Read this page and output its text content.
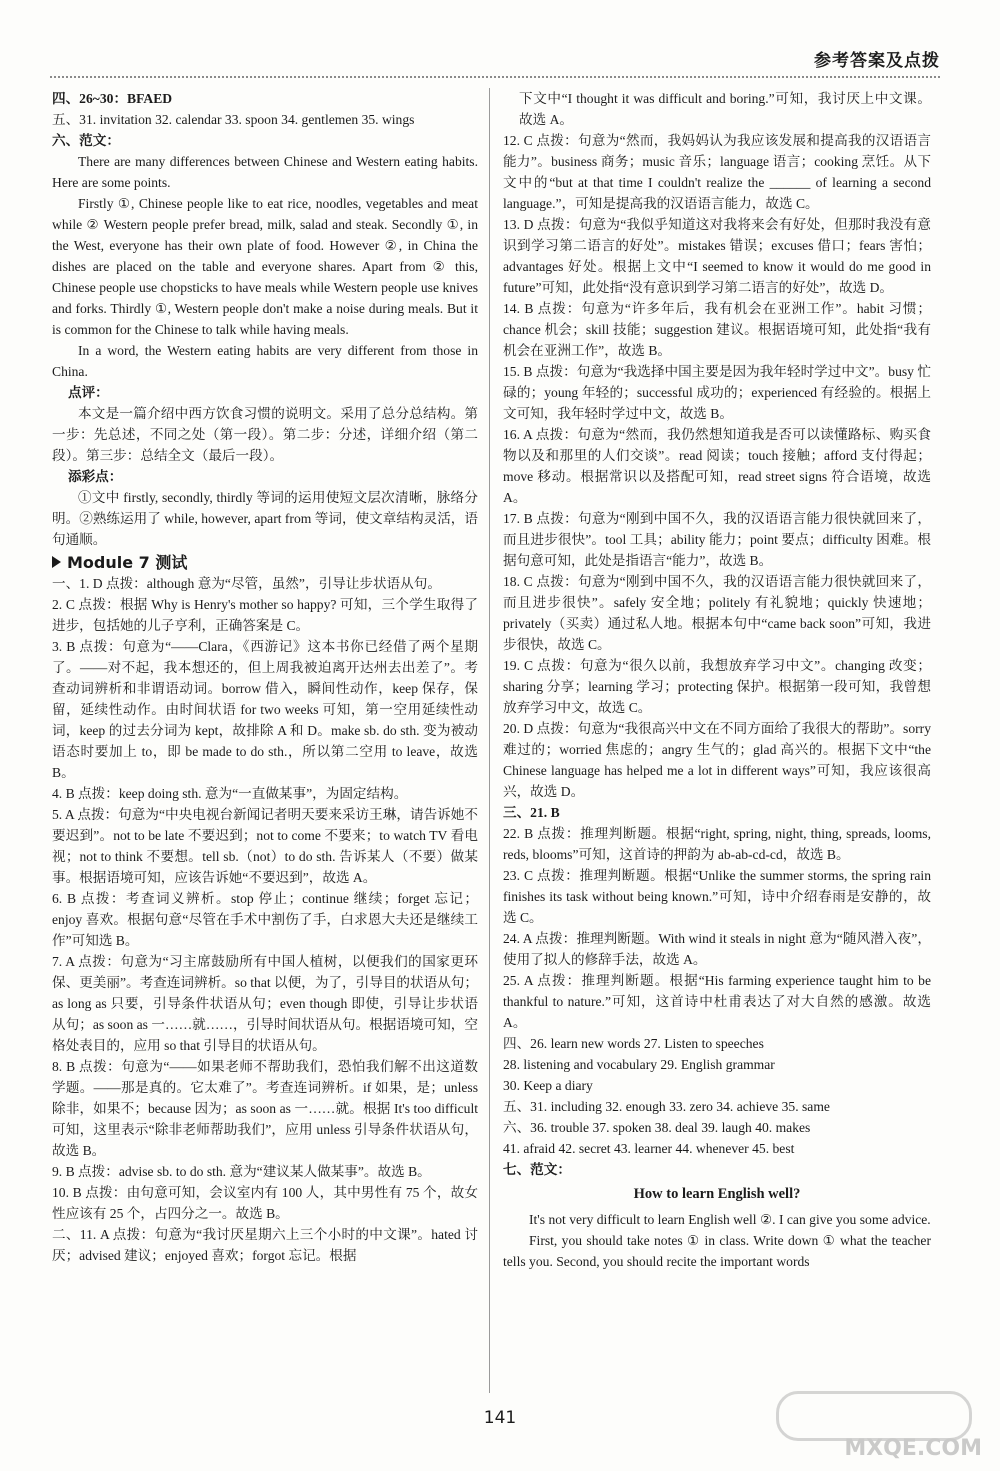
参考答案及点拨

四、26~30：BFAED

五、31. invitation 32. calendar 33. spoon 34. gentlemen 35. wings

六、范文：

There are many differences between Chinese and Western eating habits. Here are some points.

Firstly ①, Chinese people like to eat rice, noodles, vegetables and meat while ② Western people prefer bread, milk, salad and steak. Secondly ①, in the West, everyone has their own plate of food. However ②, in China the dishes are placed on the table and everyone shares. Apart from ② this, Chinese people use chopsticks to have meals while Western people use knives and forks. Thirdly ①, Western people don't make a noise during meals. But it is common for the Chinese to talk while having meals.

In a word, the Western eating habits are very different from those in China.

点评：

本文是一篇介绍中西方饮食习惯的说明文。采用了总分总结构。第一步：先总述，不同之处（第一段）。第二步：分述，详细介绍（第二段）。第三步：总结全文（最后一段）。

添彩点：

①文中 firstly, secondly, thirdly 等词的运用使短文层次清晰，脉络分明。②熟练运用了 while, however, apart from 等词，使文章结构灵活，语句通顺。

Module 7 测试

一、1. D 点拨：although 意为“尽管，虽然”，引导让步状语从句。

2. C 点拨：根据 Why is Henry's mother so happy? 可知，三个学生取得了进步，包括她的儿子亨利，正确答案是 C。

3. B 点拨：句意为“——Clara，《西游记》这本书你已经借了两个星期了。——对不起，我本想还的，但上周我被迫离开达州去出差了”。考查动词辨析和非谓语动词。borrow 借入，瞬间性动作，keep 保存，保留，延续性动作。由时间状语 for two weeks 可知，第一空用延续性动词，keep 的过去分词为 kept，故排除 A 和 D。make sb. do sth. 变为被动语态时要加上 to，即 be made to do sth.，所以第二空用 to leave，故选 B。

4. B 点拨：keep doing sth. 意为“一直做某事”，为固定结构。

5. A 点拨：句意为“中央电视台新闻记者明天要来采访王琳，请告诉她不要迟到”。not to be late 不要迟到；not to come 不要来；to watch TV 看电视；not to think 不要想。tell sb.（not）to do sth. 告诉某人（不要）做某事。根据语境可知，应该告诉她“不要迟到”，故选 A。

6. B 点拨：考查词义辨析。stop 停止；continue 继续；forget 忘记；enjoy 喜欢。根据句意“尽管在手术中割伤了手，白求恩大夫还是继续工作”可知选 B。

7. A 点拨：句意为“习主席鼓励所有中国人植树，以便我们的国家更环保、更美丽”。考查连词辨析。so that 以便，为了，引导目的状语从句；as long as 只要，引导条件状语从句；even though 即使，引导让步状语从句；as soon as 一……就……，引导时间状语从句。根据语境可知，空格处表目的，应用 so that 引导目的状语从句。

8. B 点拨：句意为“——如果老师不帮助我们，恐怕我们解不出这道数学题。——那是真的。它太难了”。考查连词辨析。if 如果，是；unless 除非，如果不；because 因为；as soon as 一……就。根据 It's too difficult 可知，这里表示“除非老师帮助我们”，应用 unless 引导条件状语从句，故选 B。

9. B 点拨：advise sb. to do sth. 意为“建议某人做某事”。故选 B。

10. B 点拨：由句意可知，会议室内有 100 人，其中男性有 75 个，故女性应该有 25 个，占四分之一。故选 B。

二、11. A 点拨：句意为“我讨厌星期六上三个小时的中文课”。hated 讨厌；advised 建议；enjoyed 喜欢；forgot 忘记。根据

下文中“I thought it was difficult and boring.”可知，我讨厌上中文课。故选 A。

12. C 点拨：句意为“然而，我妈妈认为我应该发展和提高我的汉语语言能力”。business 商务；music 音乐；language 语言；cooking 烹饪。从下文中的“but at that time I couldn't realize the ______ of learning a second language.”，可知是提高我的汉语语言能力，故选 C。

13. D 点拨：句意为“我似乎知道这对我将来会有好处，但那时我没有意识到学习第二语言的好处”。mistakes 错误；excuses 借口；fears 害怕；advantages 好处。根据上文中“I seemed to know it would do me good in future”可知，此处指“没有意识到学习第二语言的好处”，故选 D。

14. B 点拨：句意为“许多年后，我有机会在亚洲工作”。habit 习惯；chance 机会；skill 技能；suggestion 建议。根据语境可知，此处指“我有机会在亚洲工作”，故选 B。

15. B 点拨：句意为“我选择中国主要是因为我年轻时学过中文”。busy 忙碌的；young 年轻的；successful 成功的；experienced 有经验的。根据上文可知，我年轻时学过中文，故选 B。

16. A 点拨：句意为“然而，我仍然想知道我是否可以读懂路标、购买食物以及和那里的人们交谈”。read 阅读；touch 接触；afford 支付得起；move 移动。根据常识以及搭配可知，read street signs 符合语境，故选 A。

17. B 点拨：句意为“刚到中国不久，我的汉语语言能力很快就回来了，而且进步很快”。tool 工具；ability 能力；point 要点；difficulty 困难。根据句意可知，此处是指语言“能力”，故选 B。

18. C 点拨：句意为“刚到中国不久，我的汉语语言能力很快就回来了，而且进步很快”。safely 安全地；politely 有礼貌地；quickly 快速地；privately（买卖）通过私人地。根据本句中“came back soon”可知，我进步很快，故选 C。

19. C 点拨：句意为“很久以前，我想放弃学习中文”。changing 改变；sharing 分享；learning 学习；protecting 保护。根据第一段可知，我曾想放弃学习中文，故选 C。

20. D 点拨：句意为“我很高兴中文在不同方面给了我很大的帮助”。sorry 难过的；worried 焦虑的；angry 生气的；glad 高兴的。根据下文中“the Chinese language has helped me a lot in different ways”可知，我应该很高兴，故选 D。

三、21. B

22. B 点拨：推理判断题。根据“right, spring, night, thing, spreads, looms, reds, blooms”可知，这首诗的押韵为 ab-ab-cd-cd，故选 B。

23. C 点拨：推理判断题。根据“Unlike the summer storms, the spring rain finishes its task without being known.”可知，诗中介绍春雨是安静的，故选 C。

24. A 点拨：推理判断题。With wind it steals in night 意为“随风潜入夜”，使用了拟人的修辞手法，故选 A。

25. A 点拨：推理判断题。根据“His farming experience taught him to be thankful to nature.”可知，这首诗中杜甫表达了对大自然的感激。故选 A。

四、26. learn new words 27. Listen to speeches

28. listening and vocabulary 29. English grammar

30. Keep a diary

五、31. including 32. enough 33. zero 34. achieve 35. same

六、36. trouble 37. spoken 38. deal 39. laugh 40. makes

41. afraid 42. secret 43. learner 44. whenever 45. best

七、范文：

How to learn English well?

It's not very difficult to learn English well ②. I can give you some advice.

First, you should take notes ① in class. Write down ① what the teacher tells you. Second, you should recite the important words

141
MXQE.COM
